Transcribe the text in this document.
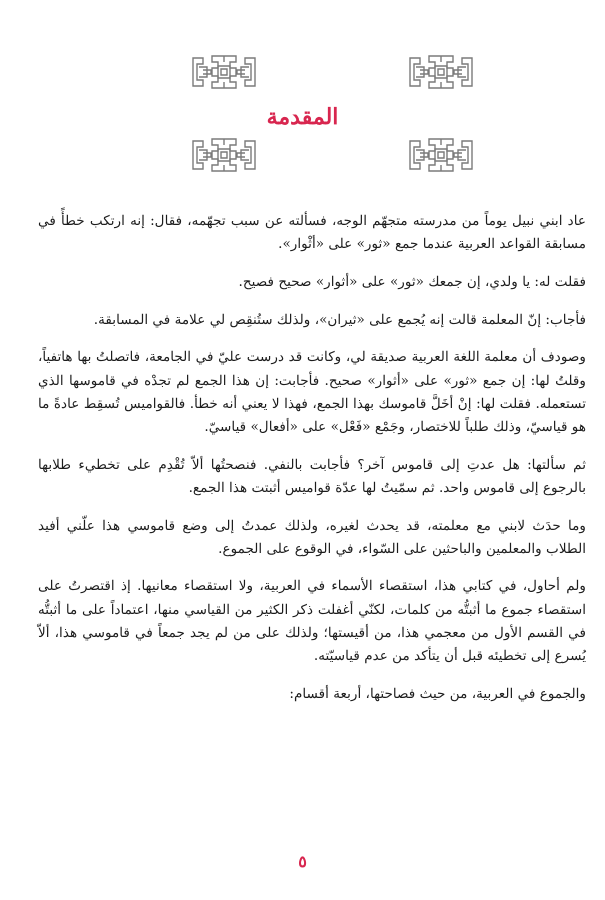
المقدمة

عاد ابني نبيل يوماً من مدرسته متجهّم الوجه، فسألته عن سبب تجهّمه، فقال: إنه ارتكب خطأً في مسابقة القواعد العربية عندما جمع «ثور» على «أثْوار».

فقلت له: يا ولدي، إن جمعك «ثور» على «أثوار» صحيح فصيح.

فأجاب: إنّ المعلمة قالت إنه يُجمع على «ثيران»، ولذلك ستُنقِص لي علامة في المسابقة.

وصودف أن معلمة اللغة العربية صديقة لي، وكانت قد درست عليّ في الجامعة، فاتصلتُ بها هاتفياً، وقلتُ لها: إن جمع «ثور» على «أثوار» صحيح. فأجابت: إن هذا الجمع لم تجدْه في قاموسها الذي تستعمله. فقلت لها: إنْ أخَلَّ قاموسك بهذا الجمع، فهذا لا يعني أنه خطأ. فالقواميس تُسقِط عادةً ما هو قياسيّ، وذلك طلباً للاختصار، وجَمْع «فَعْل» على «أفعال» قياسيّ.

ثم سألتها: هل عدتِ إلى قاموس آخر؟ فأجابت بالنفي. فنصحتُها ألاّ تُقْدِم على تخطيء طلابها بالرجوع إلى قاموس واحد. ثم سمّيتُ لها عدّة قواميس أثبتت هذا الجمع.

وما حدَث لابني مع معلمته، قد يحدث لغيره، ولذلك عمدتُ إلى وضع قاموسي هذا علّني أفيد الطلاب والمعلمين والباحثين على السّواء، في الوقوع على الجموع.

ولم أحاول، في كتابي هذا، استقصاء الأسماء في العربية، ولا استقصاء معانيها. إذ اقتصرتُ على استقصاء جموع ما أثبتُّه من كلمات، لكنّي أغفلت ذكر الكثير من القياسي منها، اعتماداً على ما أثبتُّه في القسم الأول من معجمي هذا، من أقيستها؛ ولذلك على من لم يجد جمعاً في قاموسي هذا، ألاّ يُسرع إلى تخطيئه قبل أن يتأكد من عدم قياسيّته.

والجموع في العربية، من حيث فصاحتها، أربعة أقسام:

٥
